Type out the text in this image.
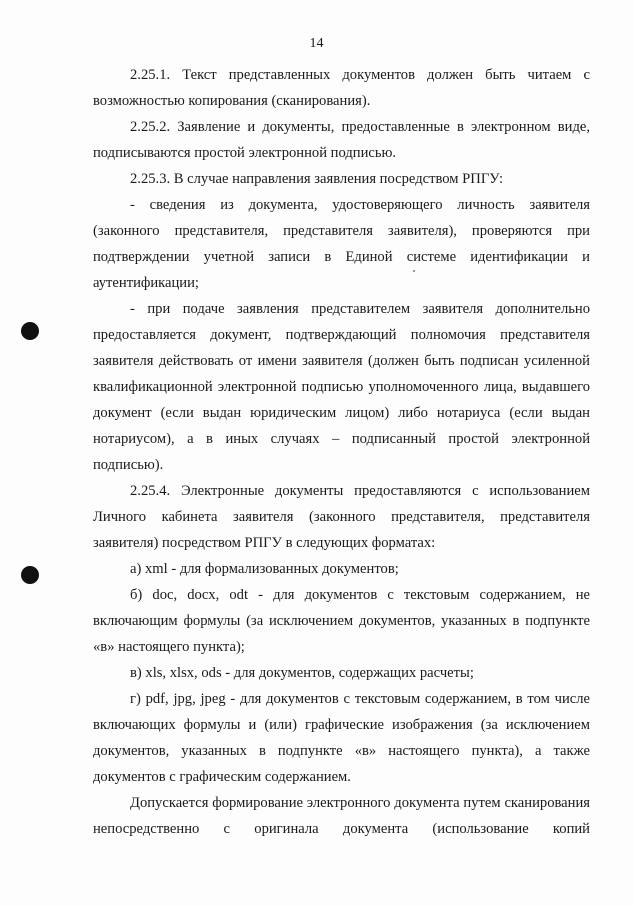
14

2.25.1. Текст представленных документов должен быть читаем с возможностью копирования (сканирования).

2.25.2. Заявление и документы, предоставленные в электронном виде, подписываются простой электронной подписью.

2.25.3. В случае направления заявления посредством РПГУ:

- сведения из документа, удостоверяющего личность заявителя (законного представителя, представителя заявителя), проверяются при подтверждении учетной записи в Единой системе идентификации и аутентификации;

- при подаче заявления представителем заявителя дополнительно предоставляется документ, подтверждающий полномочия представителя заявителя действовать от имени заявителя (должен быть подписан усиленной квалификационной электронной подписью уполномоченного лица, выдавшего документ (если выдан юридическим лицом) либо нотариуса (если выдан нотариусом), а в иных случаях – подписанный простой электронной подписью).

2.25.4. Электронные документы предоставляются с использованием Личного кабинета заявителя (законного представителя, представителя заявителя) посредством РПГУ в следующих форматах:

а) xml - для формализованных документов;

б) doc, docx, odt - для документов с текстовым содержанием, не включающим формулы (за исключением документов, указанных в подпункте «в» настоящего пункта);

в) xls, xlsx, ods - для документов, содержащих расчеты;

г) pdf, jpg, jpeg - для документов с текстовым содержанием, в том числе включающих формулы и (или) графические изображения (за исключением документов, указанных в подпункте «в» настоящего пункта), а также документов с графическим содержанием.

Допускается формирование электронного документа путем сканирования непосредственно с оригинала документа (использование копий
